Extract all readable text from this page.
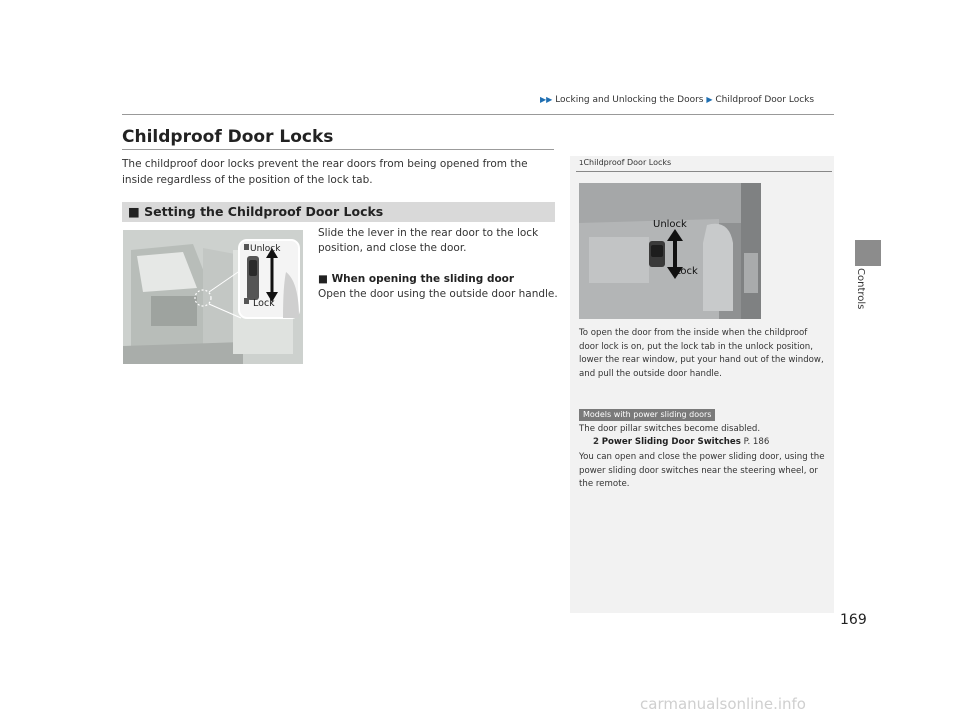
▶▶ Locking and Unlocking the Doors ▶ Childproof Door Locks
Controls
Childproof Door Locks
The childproof door locks prevent the rear doors from being opened from the inside regardless of the position of the lock tab.
■ Setting the Childproof Door Locks
Unlock
Lock
Slide the lever in the rear door to the lock position, and close the door.
■ When opening the sliding door
Open the door using the outside door handle.
1Childproof Door Locks
Unlock
Lock
To open the door from the inside when the childproof door lock is on, put the lock tab in the unlock position, lower the rear window, put your hand out of the window, and pull the outside door handle.
Models with power sliding doors
The door pillar switches become disabled.
2 Power Sliding Door Switches P. 186
You can open and close the power sliding door, using the power sliding door switches near the steering wheel, or the remote.
169
carmanualsonline.info
